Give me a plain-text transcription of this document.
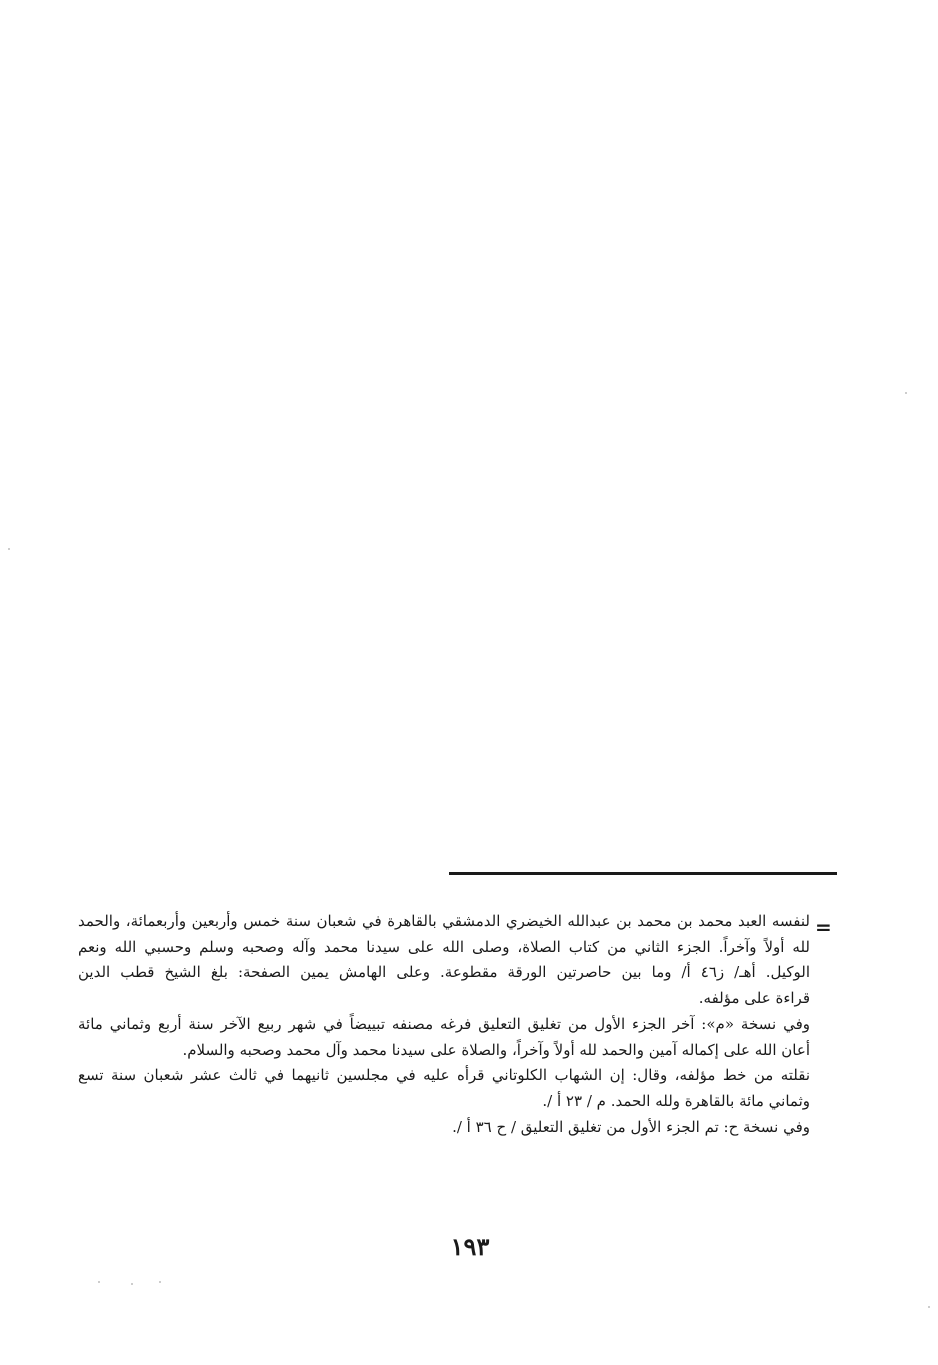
=
لنفسه العبد محمد بن محمد بن عبدالله الخيضري الدمشقي بالقاهرة في شعبان سنة خمس وأربعين وأربعمائة، والحمد
لله أولاً وآخراً. الجزء الثاني من كتاب الصلاة، وصلى الله على سيدنا محمد وآله وصحبه وسلم وحسبي الله ونعم
الوكيل. أهـ/ ز٤٦ أ/ وما بين حاصرتين الورقة مقطوعة. وعلى الهامش يمين الصفحة: بلغ الشيخ قطب الدين
قراءة على مؤلفه.
وفي نسخة «م»: آخر الجزء الأول من تغليق التعليق فرغه مصنفه تبييضاً في شهر ربيع الآخر سنة أربع وثماني مائة
أعان الله على إكماله آمين والحمد لله أولاً وآخراً، والصلاة على سيدنا محمد وآل محمد وصحبه والسلام.
نقلته من خط مؤلفه، وقال: إن الشهاب الكلوتاني قرأه عليه في مجلسين ثانيهما في ثالث عشر شعبان سنة تسع
وثماني مائة بالقاهرة ولله الحمد. م / ٢٣ أ /.
وفي نسخة ح: تم الجزء الأول من تغليق التعليق / ح ٣٦ أ /.
١٩٣
